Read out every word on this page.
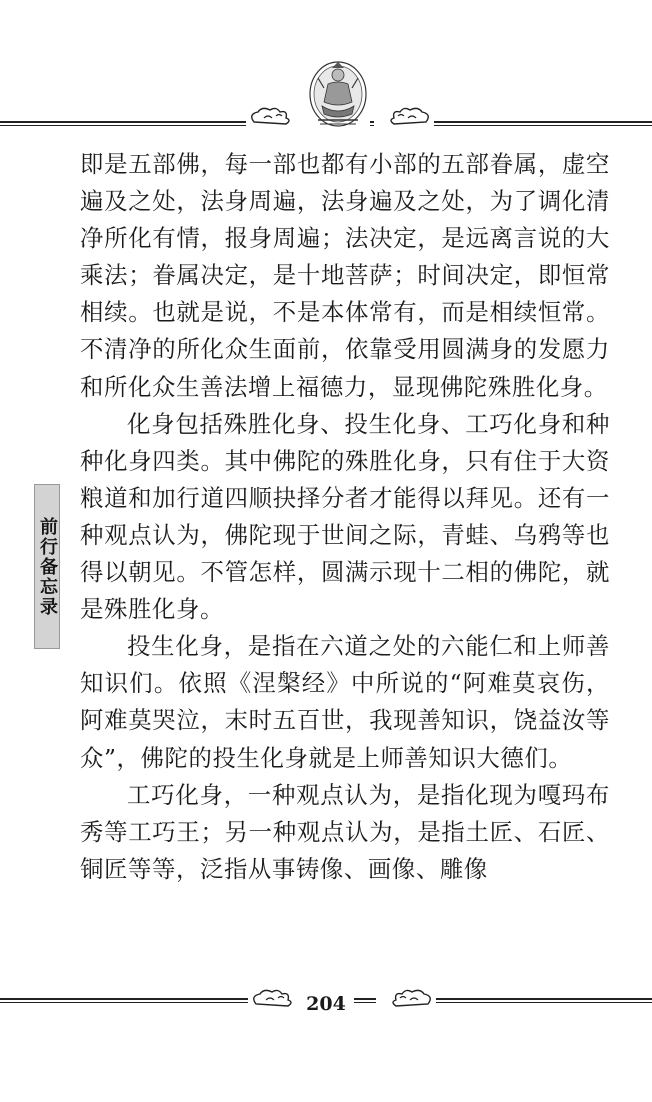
前行备忘录

即是五部佛，每一部也都有小部的五部眷属，虚空遍及之处，法身周遍，法身遍及之处，为了调化清净所化有情，报身周遍；法决定，是远离言说的大乘法；眷属决定，是十地菩萨；时间决定，即恒常相续。也就是说，不是本体常有，而是相续恒常。不清净的所化众生面前，依靠受用圆满身的发愿力和所化众生善法增上福德力，显现佛陀殊胜化身。

化身包括殊胜化身、投生化身、工巧化身和种种化身四类。其中佛陀的殊胜化身，只有住于大资粮道和加行道四顺抉择分者才能得以拜见。还有一种观点认为，佛陀现于世间之际，青蛙、乌鸦等也得以朝见。不管怎样，圆满示现十二相的佛陀，就是殊胜化身。

投生化身，是指在六道之处的六能仁和上师善知识们。依照《涅槃经》中所说的“阿难莫哀伤，阿难莫哭泣，末时五百世，我现善知识，饶益汝等众”，佛陀的投生化身就是上师善知识大德们。

工巧化身，一种观点认为，是指化现为嘎玛布秀等工巧王；另一种观点认为，是指土匠、石匠、铜匠等等，泛指从事铸像、画像、雕像

204
